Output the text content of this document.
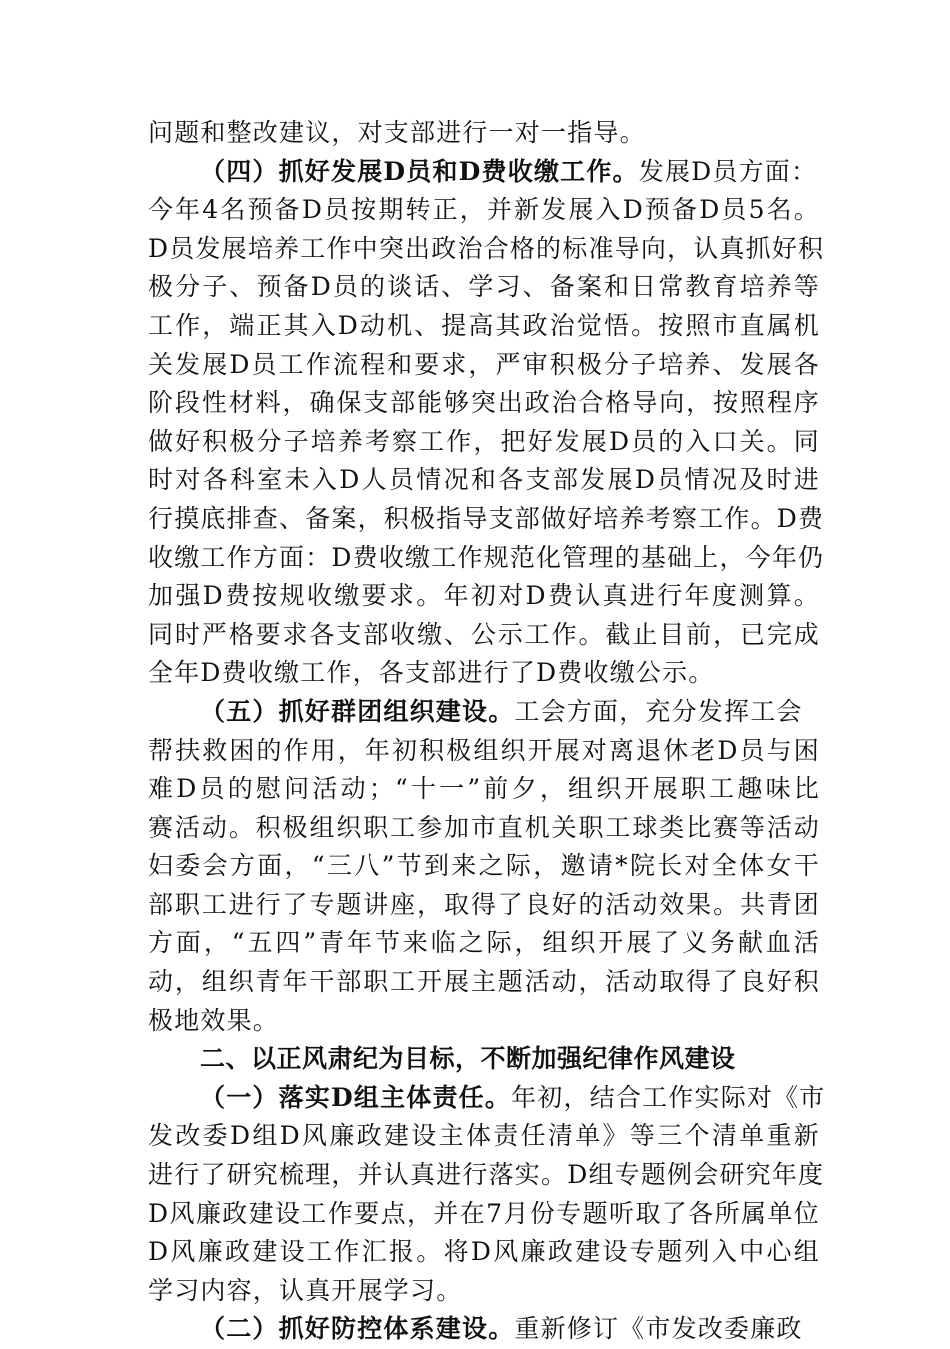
问题和整改建议，对支部进行一对一指导。
（四）抓好发展D员和D费收缴工作。发展D员方面：
今年4名预备D员按期转正，并新发展入D预备D员5名。
D员发展培养工作中突出政治合格的标准导向，认真抓好积
极分子、预备D员的谈话、学习、备案和日常教育培养等
工作，端正其入D动机、提高其政治觉悟。按照市直属机
关发展D员工作流程和要求，严审积极分子培养、发展各
阶段性材料，确保支部能够突出政治合格导向，按照程序
做好积极分子培养考察工作，把好发展D员的入口关。同
时对各科室未入D人员情况和各支部发展D员情况及时进
行摸底排查、备案，积极指导支部做好培养考察工作。D费
收缴工作方面：D费收缴工作规范化管理的基础上，今年仍
加强D费按规收缴要求。年初对D费认真进行年度测算。
同时严格要求各支部收缴、公示工作。截止目前，已完成
全年D费收缴工作，各支部进行了D费收缴公示。
（五）抓好群团组织建设。工会方面，充分发挥工会
帮扶救困的作用，年初积极组织开展对离退休老D员与困
难D员的慰问活动；“十一”前夕，组织开展职工趣味比
赛活动。积极组织职工参加市直机关职工球类比赛等活动
妇委会方面，“三八”节到来之际，邀请*院长对全体女干
部职工进行了专题讲座，取得了良好的活动效果。共青团
方面，“五四”青年节来临之际，组织开展了义务献血活
动，组织青年干部职工开展主题活动，活动取得了良好积
极地效果。
二、以正风肃纪为目标，不断加强纪律作风建设
（一）落实D组主体责任。年初，结合工作实际对《市
发改委D组D风廉政建设主体责任清单》等三个清单重新
进行了研究梳理，并认真进行落实。D组专题例会研究年度
D风廉政建设工作要点，并在7月份专题听取了各所属单位
D风廉政建设工作汇报。将D风廉政建设专题列入中心组
学习内容，认真开展学习。
（二）抓好防控体系建设。重新修订《市发改委廉政
